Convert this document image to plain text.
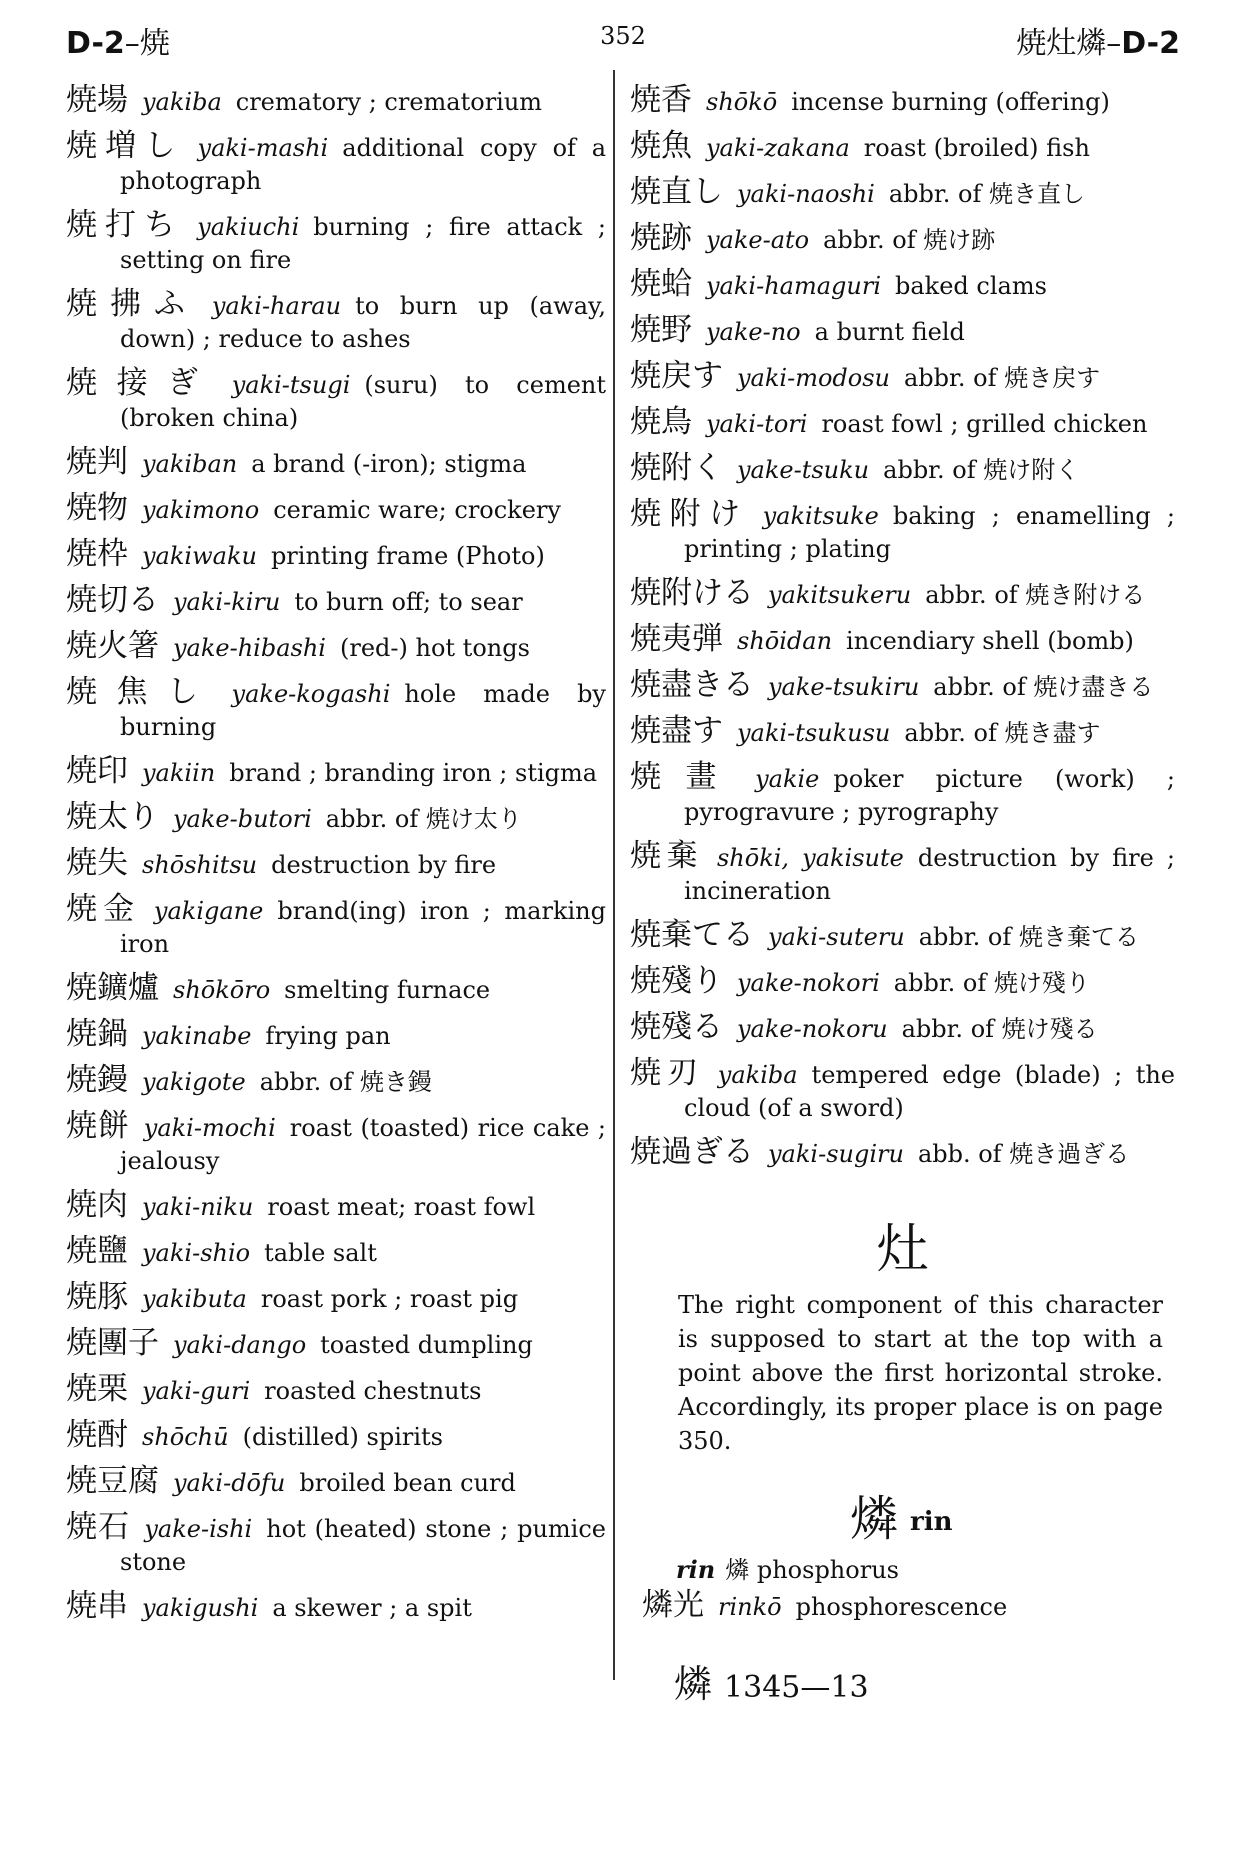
D-2–焼	352	焼灶燐–D-2
焼場 yakiba crematory ; crematorium
焼増し yaki-mashi additional copy of a photograph
焼打ち yakiuchi burning ; fire attack ; setting on fire
焼拂ふ yaki-harau to burn up (away, down) ; reduce to ashes
焼接ぎ yaki-tsugi (suru) to cement (broken china)
焼判 yakiban a brand (-iron); stigma
焼物 yakimono ceramic ware; crockery
焼枠 yakiwaku printing frame (Photo)
焼切る yaki-kiru to burn off; to sear
焼火箸 yake-hibashi (red-) hot tongs
焼焦し yake-kogashi hole made by burning
焼印 yakiin brand ; branding iron ; stigma
焼太り yake-butori abbr. of 焼け太り
焼失 shōshitsu destruction by fire
焼金 yakigane brand(ing) iron ; marking iron
焼鑛爐 shōkōro smelting furnace
焼鍋 yakinabe frying pan
焼鏝 yakigote abbr. of 焼き鏝
焼餅 yaki-mochi roast (toasted) rice cake ; jealousy
焼肉 yaki-niku roast meat; roast fowl
焼鹽 yaki-shio table salt
焼豚 yakibuta roast pork ; roast pig
焼團子 yaki-dango toasted dumpling
焼栗 yaki-guri roasted chestnuts
焼酎 shōchū (distilled) spirits
焼豆腐 yaki-dōfu broiled bean curd
焼石 yake-ishi hot (heated) stone ; pumice stone
焼串 yakigushi a skewer ; a spit
焼香 shōkō incense burning (offering)
焼魚 yaki-zakana roast (broiled) fish
焼直し yaki-naoshi abbr. of 焼き直し
焼跡 yake-ato abbr. of 焼け跡
焼蛤 yaki-hamaguri baked clams
焼野 yake-no a burnt field
焼戻す yaki-modosu abbr. of 焼き戻す
焼鳥 yaki-tori roast fowl ; grilled chicken
焼附く yake-tsuku abbr. of 焼け附く
焼附け yakitsuke baking ; enamelling ; printing ; plating
焼附ける yakitsukeru abbr. of 焼き附ける
焼夷弾 shōidan incendiary shell (bomb)
焼盡きる yake-tsukiru abbr. of 焼け盡きる
焼盡す yaki-tsukusu abbr. of 焼き盡す
焼畫 yakie poker picture (work) ; pyrogravure ; pyrography
焼棄 shōki, yakisute destruction by fire ; incineration
焼棄てる yaki-suteru abbr. of 焼き棄てる
焼殘り yake-nokori abbr. of 焼け殘り
焼殘る yake-nokoru abbr. of 焼け殘る
焼刃 yakiba tempered edge (blade) ; the cloud (of a sword)
焼過ぎる yaki-sugiru abb. of 焼き過ぎる
灶
The right component of this character is supposed to start at the top with a point above the first horizontal stroke. Accordingly, its proper place is on page 350.
燐rin
rin 燐 phosphorus
燐光 rinkō phosphorescence
燐 1345—13
